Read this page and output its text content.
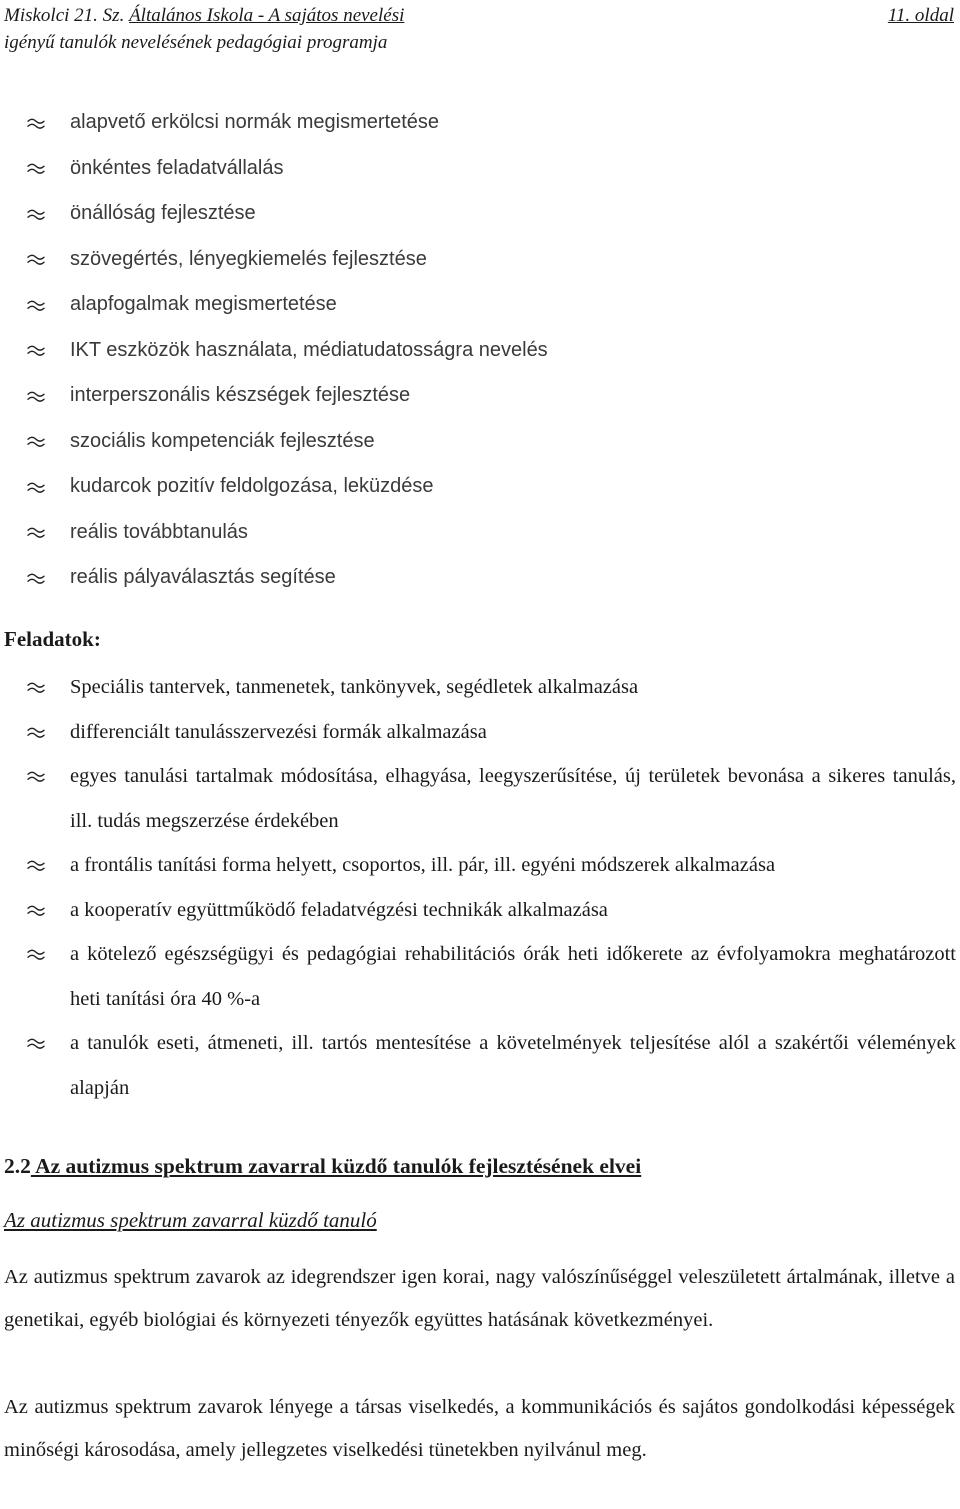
Miskolci 21. Sz. Általános Iskola - A sajátos nevelési
igényű tanulók nevelésének pedagógiai programja
11. oldal
alapvető erkölcsi normák megismertetése
önkéntes feladatvállalás
önállóság fejlesztése
szövegértés, lényegkiemelés fejlesztése
alapfogalmak megismertetése
IKT eszközök használata, médiatudatosságra nevelés
interperszonális készségek fejlesztése
szociális kompetenciák fejlesztése
kudarcok pozitív feldolgozása, leküzdése
reális továbbtanulás
reális pályaválasztás segítése
Feladatok:
Speciális tantervek, tanmenetek, tankönyvek, segédletek alkalmazása
differenciált tanulásszervezési formák alkalmazása
egyes tanulási tartalmak módosítása, elhagyása, leegyszerűsítése, új területek bevonása a sikeres tanulás, ill. tudás megszerzése érdekében
a frontális tanítási forma helyett, csoportos, ill. pár, ill. egyéni módszerek alkalmazása
a kooperatív együttműködő feladatvégzési technikák alkalmazása
a kötelező egészségügyi és pedagógiai rehabilitációs órák heti időkerete az évfolyamokra meghatározott heti tanítási óra 40 %-a
a tanulók eseti, átmeneti, ill. tartós mentesítése a követelmények teljesítése alól a szakértői vélemények alapján
2.2 Az autizmus spektrum zavarral küzdő tanulók fejlesztésének elvei
Az autizmus spektrum zavarral küzdő tanuló

Az autizmus spektrum zavarok az idegrendszer igen korai, nagy valószínűséggel veleszületett ártalmának, illetve a genetikai, egyéb biológiai és környezeti tényezők együttes hatásának következményei.

Az autizmus spektrum zavarok lényege a társas viselkedés, a kommunikációs és sajátos gondolkodási képességek minőségi károsodása, amely jellegzetes viselkedési tünetekben nyilvánul meg.
